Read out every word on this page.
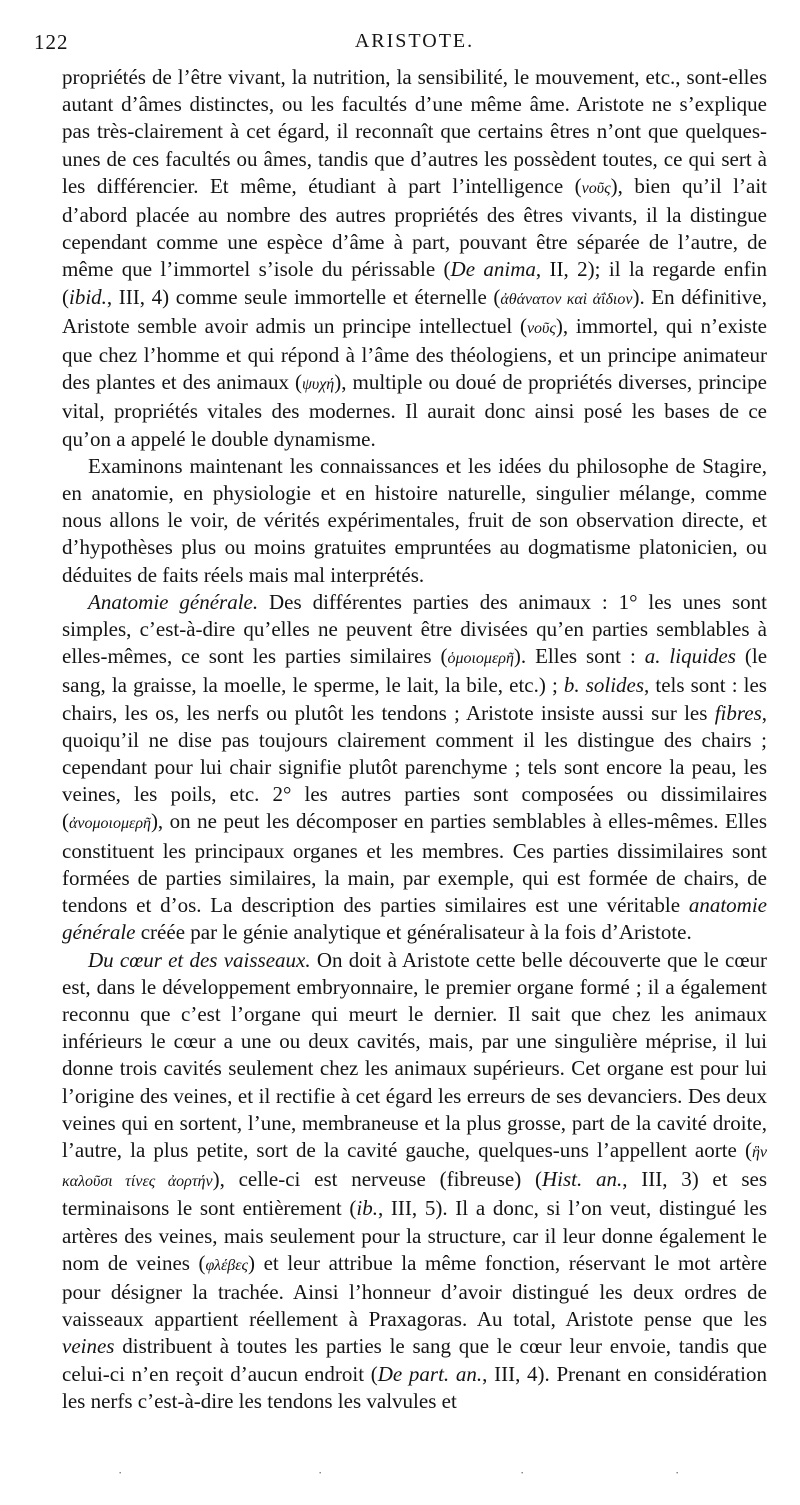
122	ARISTOTE.

propriétés de l’être vivant, la nutrition, la sensibilité, le mouvement, etc., sont-elles autant d’âmes distinctes, ou les facultés d’une même âme. Aristote ne s’explique pas très-clairement à cet égard, il reconnaît que certains êtres n’ont que quelques-unes de ces facultés ou âmes, tandis que d’autres les possèdent toutes, ce qui sert à les différencier. Et même, étudiant à part l’intelligence (νοῦς), bien qu’il l’ait d’abord placée au nombre des autres propriétés des êtres vivants, il la distingue cependant comme une espèce d’âme à part, pouvant être séparée de l’autre, de même que l’immortel s’isole du périssable (De anima, II, 2); il la regarde enfin (ibid., III, 4) comme seule immortelle et éternelle (ἀθάνατον καὶ ἀΐδιον). En définitive, Aristote semble avoir admis un principe intellectuel (νοῦς), immortel, qui n’existe que chez l’homme et qui répond à l’âme des théologiens, et un principe animateur des plantes et des animaux (ψυχή), multiple ou doué de propriétés diverses, principe vital, propriétés vitales des modernes. Il aurait donc ainsi posé les bases de ce qu’on a appelé le double dynamisme.

Examinons maintenant les connaissances et les idées du philosophe de Stagire, en anatomie, en physiologie et en histoire naturelle, singulier mélange, comme nous allons le voir, de vérités expérimentales, fruit de son observation directe, et d’hypothèses plus ou moins gratuites empruntées au dogmatisme platonicien, ou déduites de faits réels mais mal interprétés.

Anatomie générale. Des différentes parties des animaux : 1° les unes sont simples, c’est-à-dire qu’elles ne peuvent être divisées qu’en parties semblables à elles-mêmes, ce sont les parties similaires (ὁμοιομερῆ). Elles sont : a. liquides (le sang, la graisse, la moelle, le sperme, le lait, la bile, etc.) ; b. solides, tels sont : les chairs, les os, les nerfs ou plutôt les tendons ; Aristote insiste aussi sur les fibres, quoiqu’il ne dise pas toujours clairement comment il les distingue des chairs ; cependant pour lui chair signifie plutôt parenchyme ; tels sont encore la peau, les veines, les poils, etc. 2° les autres parties sont composées ou dissimilaires (ἀνομοιομερῆ), on ne peut les décomposer en parties semblables à elles-mêmes. Elles constituent les principaux organes et les membres. Ces parties dissimilaires sont formées de parties similaires, la main, par exemple, qui est formée de chairs, de tendons et d’os. La description des parties similaires est une véritable anatomie générale créée par le génie analytique et généralisateur à la fois d’Aristote.

Du cœur et des vaisseaux. On doit à Aristote cette belle découverte que le cœur est, dans le développement embryonnaire, le premier organe formé ; il a également reconnu que c’est l’organe qui meurt le dernier. Il sait que chez les animaux inférieurs le cœur a une ou deux cavités, mais, par une singulière méprise, il lui donne trois cavités seulement chez les animaux supérieurs. Cet organe est pour lui l’origine des veines, et il rectifie à cet égard les erreurs de ses devanciers. Des deux veines qui en sortent, l’une, membraneuse et la plus grosse, part de la cavité droite, l’autre, la plus petite, sort de la cavité gauche, quelques-uns l’appellent aorte (ἣν καλοῦσι τίνες ἀορτήν), celle-ci est nerveuse (fibreuse) (Hist. an., III, 3) et ses terminaisons le sont entièrement (ib., III, 5). Il a donc, si l’on veut, distingué les artères des veines, mais seulement pour la structure, car il leur donne également le nom de veines (φλέβες) et leur attribue la même fonction, réservant le mot artère pour désigner la trachée. Ainsi l’honneur d’avoir distingué les deux ordres de vaisseaux appartient réellement à Praxagoras. Au total, Aristote pense que les veines distribuent à toutes les parties le sang que le cœur leur envoie, tandis que celui-ci n’en reçoit d’aucun endroit (De part. an., III, 4). Prenant en considération les nerfs c’est-à-dire les tendons les valvules et

·	·	·	·
